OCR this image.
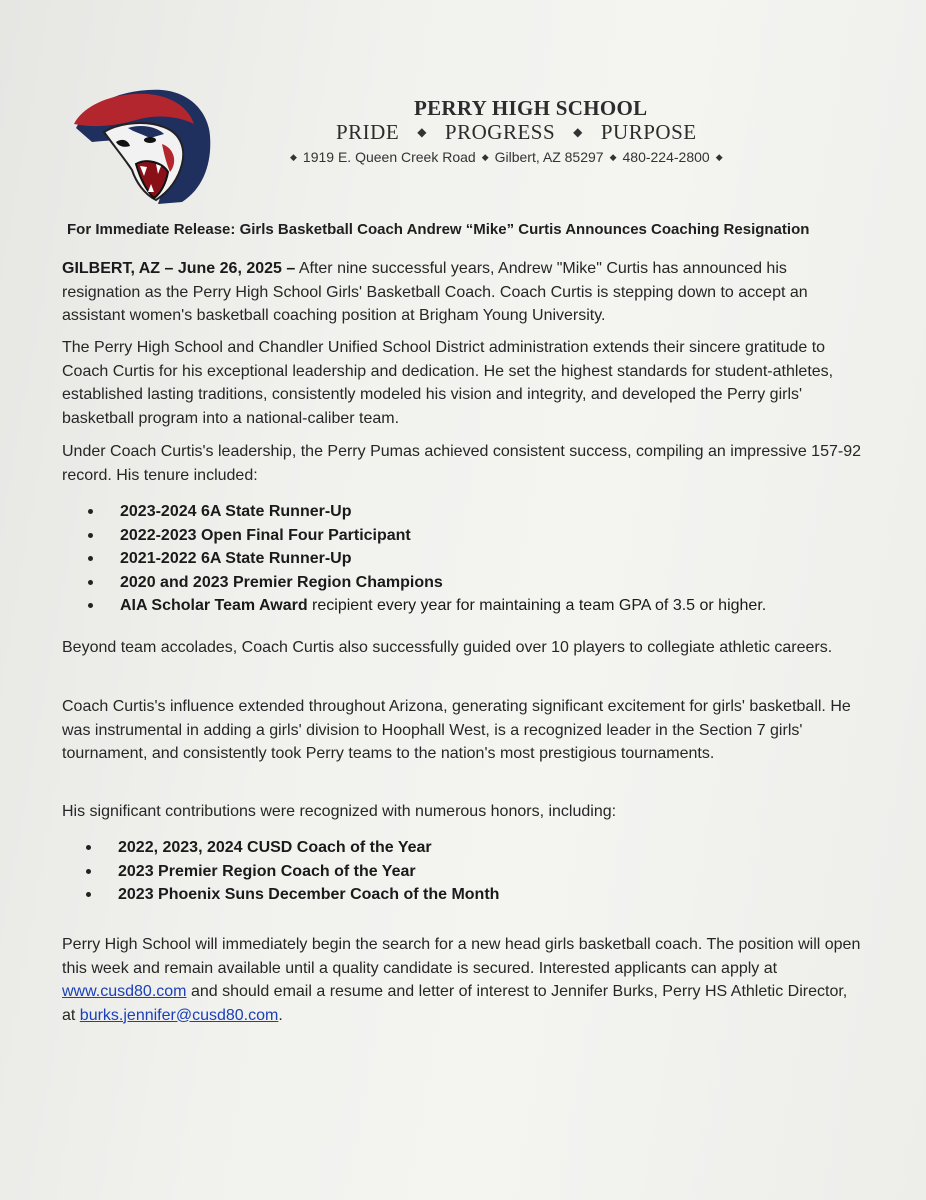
PERRY HIGH SCHOOL
PRIDE ◆ PROGRESS ◆ PURPOSE
◆ 1919 E. Queen Creek Road ◆ Gilbert, AZ 85297 ◆ 480-224-2800 ◆
For Immediate Release: Girls Basketball Coach Andrew “Mike” Curtis Announces Coaching Resignation

GILBERT, AZ – June 26, 2025 – After nine successful years, Andrew "Mike" Curtis has announced his resignation as the Perry High School Girls' Basketball Coach. Coach Curtis is stepping down to accept an assistant women's basketball coaching position at Brigham Young University.

The Perry High School and Chandler Unified School District administration extends their sincere gratitude to Coach Curtis for his exceptional leadership and dedication. He set the highest standards for student-athletes, established lasting traditions, consistently modeled his vision and integrity, and developed the Perry girls' basketball program into a national-caliber team.

Under Coach Curtis's leadership, the Perry Pumas achieved consistent success, compiling an impressive 157-92 record. His tenure included:

2023-2024 6A State Runner-Up
2022-2023 Open Final Four Participant
2021-2022 6A State Runner-Up
2020 and 2023 Premier Region Champions
AIA Scholar Team Award recipient every year for maintaining a team GPA of 3.5 or higher.

Beyond team accolades, Coach Curtis also successfully guided over 10 players to collegiate athletic careers.

Coach Curtis's influence extended throughout Arizona, generating significant excitement for girls' basketball. He was instrumental in adding a girls' division to Hoophall West, is a recognized leader in the Section 7 girls' tournament, and consistently took Perry teams to the nation's most prestigious tournaments.

His significant contributions were recognized with numerous honors, including:

2022, 2023, 2024 CUSD Coach of the Year
2023 Premier Region Coach of the Year
2023 Phoenix Suns December Coach of the Month

Perry High School will immediately begin the search for a new head girls basketball coach. The position will open this week and remain available until a quality candidate is secured. Interested applicants can apply at www.cusd80.com and should email a resume and letter of interest to Jennifer Burks, Perry HS Athletic Director, at burks.jennifer@cusd80.com.
